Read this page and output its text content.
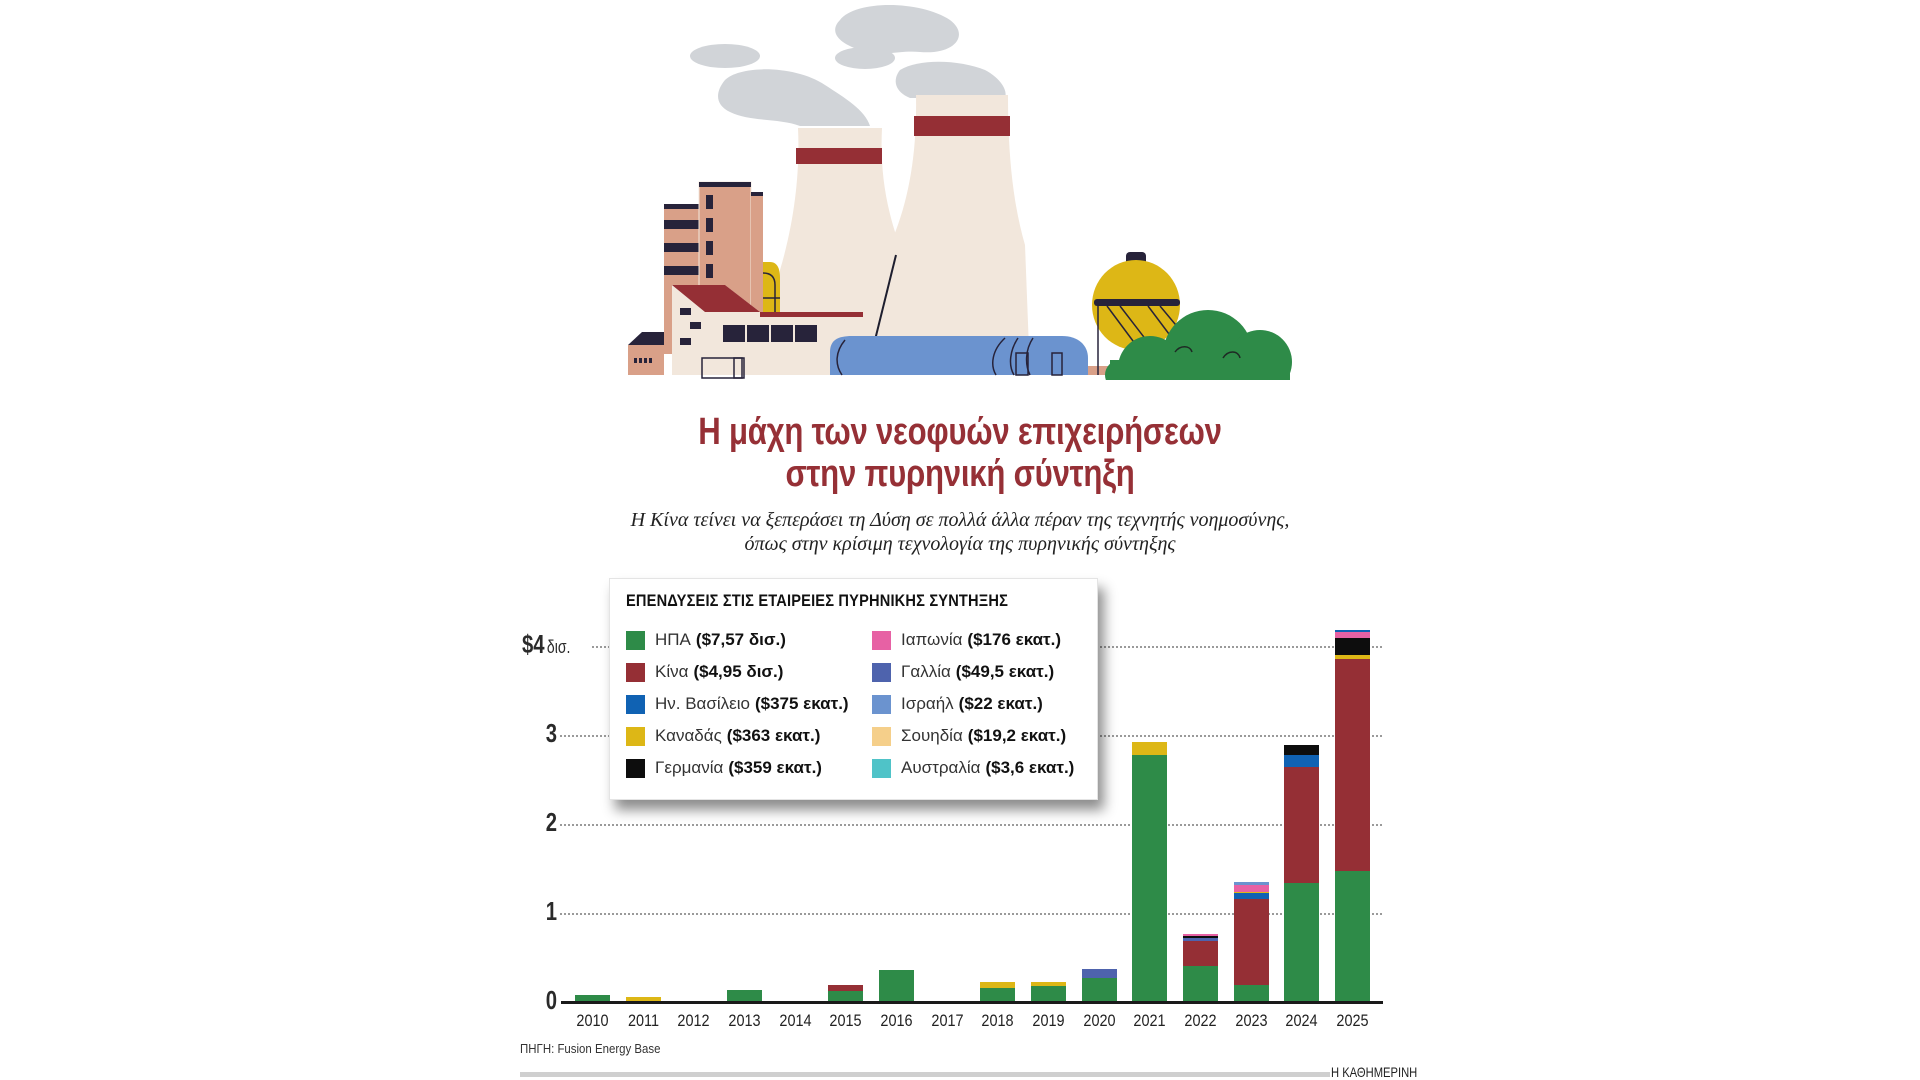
Η μάχη των νεοφυών επιχειρήσεων
στην πυρηνική σύντηξη
Η Κίνα τείνει να ξεπεράσει τη Δύση σε πολλά άλλα πέραν της τεχνητής νοημοσύνης,
όπως στην κρίσιμη τεχνολογία της πυρηνικής σύντηξης
0
1
2
3
$4 δισ.
2010	2011	2012	2013	2014	2015	2016	2017	2018	2019	2020	2021	2022	2023	2024	2025
ΕΠΕΝΔΥΣΕΙΣ ΣΤΙΣ ΕΤΑΙΡΕΙΕΣ ΠΥΡΗΝΙΚΗΣ ΣΥΝΤΗΞΗΣ
ΗΠΑ ($7,57 δισ.)
Κίνα ($4,95 δισ.)
Ην. Βασίλειο ($375 εκατ.)
Καναδάς ($363 εκατ.)
Γερμανία ($359 εκατ.)
Ιαπωνία ($176 εκατ.)
Γαλλία ($49,5 εκατ.)
Ισραήλ ($22 εκατ.)
Σουηδία ($19,2 εκατ.)
Αυστραλία ($3,6 εκατ.)
ΠΗΓΗ: Fusion Energy Base
Η ΚΑΘΗΜΕΡΙΝΗ
